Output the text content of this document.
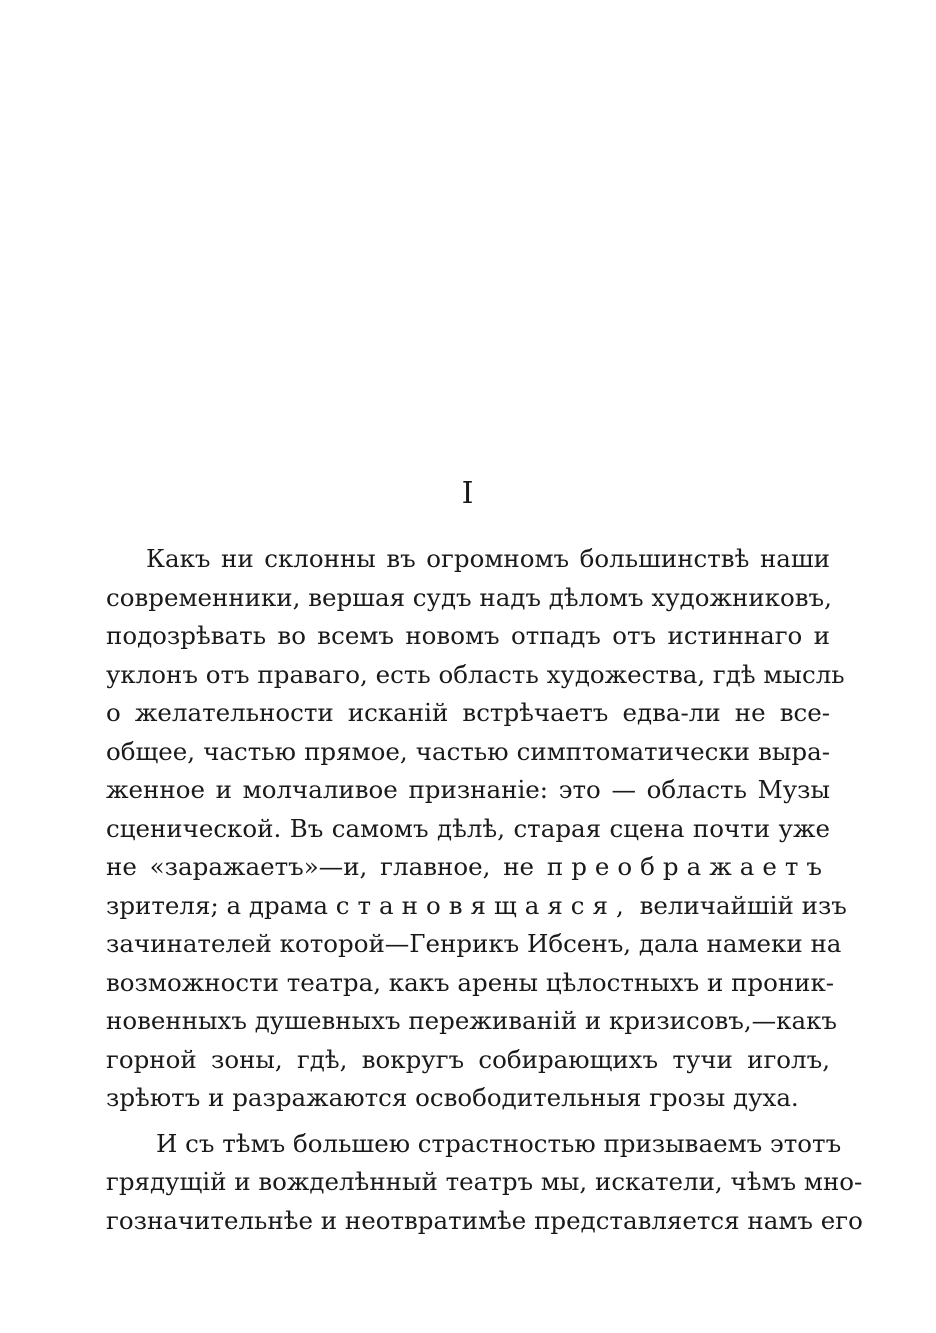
I

Какъ ни склонны въ огромномъ большинствѣ наши
современники, вершая судъ надъ дѣломъ художниковъ,
подозрѣвать во всемъ новомъ отпадъ отъ истиннаго и
уклонъ отъ праваго, есть область художества, гдѣ мысль
о желательности исканій встрѣчаетъ едва-ли не все-
общее, частью прямое, частью симптоматически выра-
женное и молчаливое признаніе: это — область Музы
сценической. Въ самомъ дѣлѣ, старая сцена почти уже
не «заражаетъ»—и, главное, не преображаетъ
зрителя; а драма становящаяся, величайшій изъ
зачинателей которой—Генрикъ Ибсенъ, дала намеки на
возможности театра, какъ арены цѣлостныхъ и проник-
новенныхъ душевныхъ переживаній и кризисовъ,—какъ
горной зоны, гдѣ, вокругъ собирающихъ тучи иголъ,
зрѣютъ и разражаются освободительныя грозы духа.

И съ тѣмъ большею страстностью призываемъ этотъ
грядущій и вожделѣнный театръ мы, искатели, чѣмъ мно-
гозначительнѣе и неотвратимѣе представляется намъ его
